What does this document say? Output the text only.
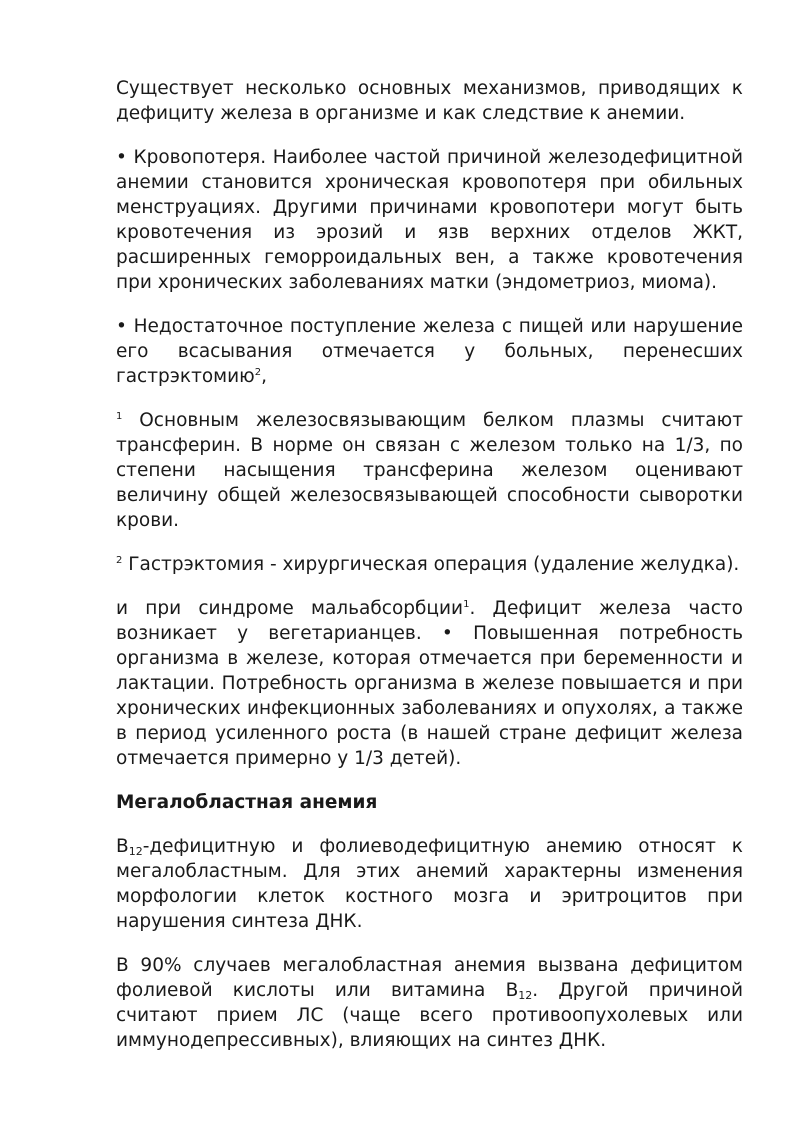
Существует несколько основных механизмов, приводящих к дефициту железа в организме и как следствие к анемии.

• Кровопотеря. Наиболее частой причиной железодефицитной анемии становится хроническая кровопотеря при обильных менструациях. Другими причинами кровопотери могут быть кровотечения из эрозий и язв верхних отделов ЖКТ, расширенных геморроидальных вен, а также кровотечения при хронических заболеваниях матки (эндометриоз, миома).

• Недостаточное поступление железа с пищей или нарушение его всасывания отмечается у больных, перенесших гастрэктомию$^2$,

$^1$ Основным железосвязывающим белком плазмы считают трансферин. В норме он связан с железом только на 1/3, по степени насыщения трансферина железом оценивают величину общей железосвязывающей способности сыворотки крови.

$^2$ Гастрэктомия - хирургическая операция (удаление желудка).

и при синдроме мальабсорбции$^1$. Дефицит железа часто возникает у вегетарианцев. • Повышенная потребность организма в железе, которая отмечается при беременности и лактации. Потребность организма в железе повышается и при хронических инфекционных заболеваниях и опухолях, а также в период усиленного роста (в нашей стране дефицит железа отмечается примерно у 1/3 детей).

Мегалобластная анемия

$В_{12}$-дефицитную и фолиеводефицитную анемию относят к мегалобластным. Для этих анемий характерны изменения морфологии клеток костного мозга и эритроцитов при нарушения синтеза ДНК.

В 90% случаев мегалобластная анемия вызвана дефицитом фолиевой кислоты или витамина $В_{12}$. Другой причиной считают прием ЛС (чаще всего противоопухолевых или иммунодепрессивных), влияющих на синтез ДНК.
